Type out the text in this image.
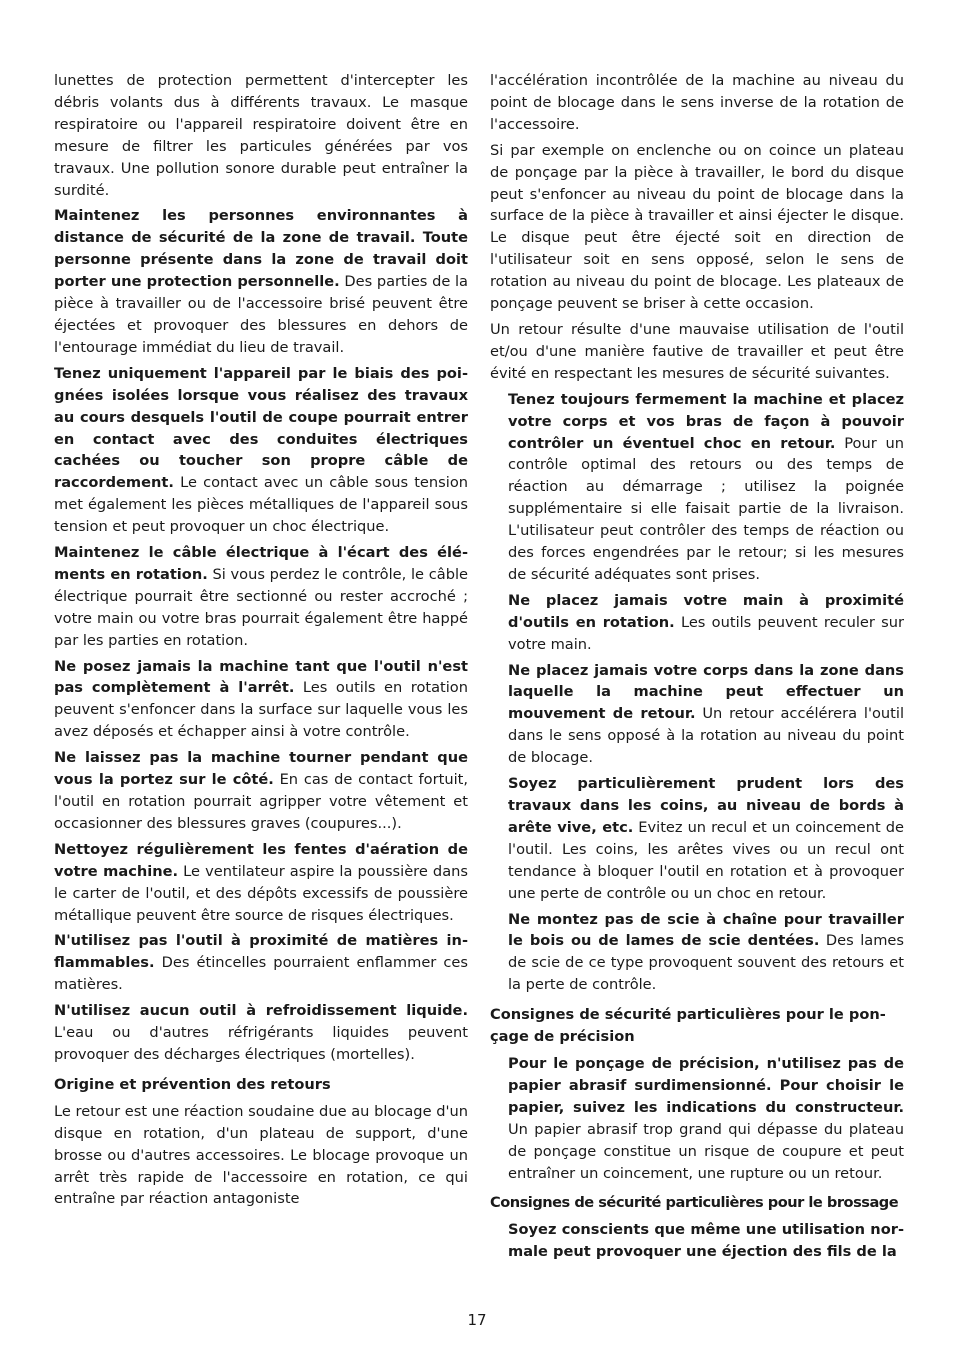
lunettes de protection permettent d'intercepter les débris volants dus à différents travaux. Le masque respiratoire ou l'appareil respiratoire doivent être en mesure de filtrer les particules générées par vos travaux. Une pollution sonore durable peut entraîner la surdité.

Maintenez les personnes environnantes à distance de sécurité de la zone de travail. Toute personne présente dans la zone de travail doit porter une protection personnelle. Des parties de la pièce à travailler ou de l'accessoire brisé peuvent être éjectées et provoquer des blessures en dehors de l'entourage immédiat du lieu de travail.

Tenez uniquement l'appareil par le biais des poignées isolées lorsque vous réalisez des travaux au cours desquels l'outil de coupe pourrait entrer en contact avec des conduites électriques cachées ou toucher son propre câble de raccordement. Le contact avec un câble sous tension met également les pièces métalliques de l'appareil sous tension et peut provoquer un choc électrique.

Maintenez le câble électrique à l'écart des éléments en rotation. Si vous perdez le contrôle, le câble électrique pourrait être sectionné ou rester accroché ; votre main ou votre bras pourrait également être happé par les parties en rotation.

Ne posez jamais la machine tant que l'outil n'est pas complètement à l'arrêt. Les outils en rotation peuvent s'enfoncer dans la surface sur laquelle vous les avez déposés et échapper ainsi à votre contrôle.

Ne laissez pas la machine tourner pendant que vous la portez sur le côté. En cas de contact fortuit, l'outil en rotation pourrait agripper votre vêtement et occasionner des blessures graves (coupures...).

Nettoyez régulièrement les fentes d'aération de votre machine. Le ventilateur aspire la poussière dans le carter de l'outil, et des dépôts excessifs de poussière métallique peuvent être source de risques électriques.

N'utilisez pas l'outil à proximité de matières inflammables. Des étincelles pourraient enflammer ces matières.

N'utilisez aucun outil à refroidissement liquide. L'eau ou d'autres réfrigérants liquides peuvent provoquer des décharges électriques (mortelles).

Origine et prévention des retours

Le retour est une réaction soudaine due au blocage d'un disque en rotation, d'un plateau de support, d'une brosse ou d'autres accessoires. Le blocage provoque un arrêt très rapide de l'accessoire en rotation, ce qui entraîne par réaction antagoniste

l'accélération incontrôlée de la machine au niveau du point de blocage dans le sens inverse de la rotation de l'accessoire.

Si par exemple on enclenche ou on coince un plateau de ponçage par la pièce à travailler, le bord du disque peut s'enfoncer au niveau du point de blocage dans la surface de la pièce à travailler et ainsi éjecter le disque. Le disque peut être éjecté soit en direction de l'utilisateur soit en sens opposé, selon le sens de rotation au niveau du point de blocage. Les plateaux de ponçage peuvent se briser à cette occasion.

Un retour résulte d'une mauvaise utilisation de l'outil et/ou d'une manière fautive de travailler et peut être évité en respectant les mesures de sécurité suivantes.

Tenez toujours fermement la machine et placez votre corps et vos bras de façon à pouvoir contrôler un éventuel choc en retour. Pour un contrôle optimal des retours ou des temps de réaction au démarrage ; utilisez la poignée supplémentaire si elle faisait partie de la livraison. L'utilisateur peut contrôler des temps de réaction ou des forces engendrées par le retour; si les mesures de sécurité adéquates sont prises.

Ne placez jamais votre main à proximité d'outils en rotation. Les outils peuvent reculer sur votre main.

Ne placez jamais votre corps dans la zone dans laquelle la machine peut effectuer un mouvement de retour. Un retour accélérera l'outil dans le sens opposé à la rotation au niveau du point de blocage.

Soyez particulièrement prudent lors des travaux dans les coins, au niveau de bords à arête vive, etc. Evitez un recul et un coincement de l'outil. Les coins, les arêtes vives ou un recul ont tendance à bloquer l'outil en rotation et à provoquer une perte de contrôle ou un choc en retour.

Ne montez pas de scie à chaîne pour travailler le bois ou de lames de scie dentées. Des lames de scie de ce type provoquent souvent des retours et la perte de contrôle.

Consignes de sécurité particulières pour le ponçage de précision

Pour le ponçage de précision, n'utilisez pas de papier abrasif surdimensionné. Pour choisir le papier, suivez les indications du constructeur. Un papier abrasif trop grand qui dépasse du plateau de ponçage constitue un risque de coupure et peut entraîner un coincement, une rupture ou un retour.

Consignes de sécurité particulières pour le brossage

Soyez conscients que même une utilisation normale peut provoquer une éjection des fils de la

17
